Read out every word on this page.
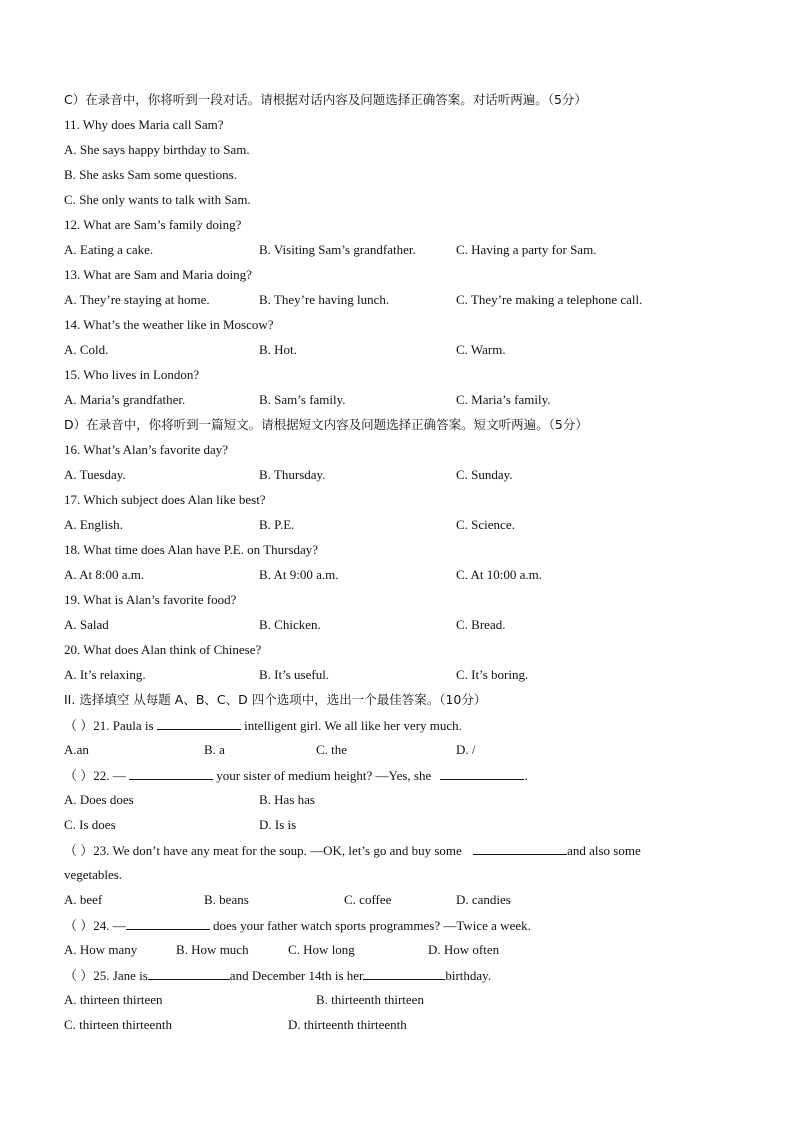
C）在录音中，你将听到一段对话。请根据对话内容及问题选择正确答案。对话听两遍。（5分）
11. Why does Maria call Sam?
A. She says happy birthday to Sam.
B. She asks Sam some questions.
C. She only wants to talk with Sam.
12. What are Sam’s family doing?
A. Eating a cake.	B. Visiting Sam’s grandfather.	C. Having a party for Sam.
13. What are Sam and Maria doing?
A. They’re staying at home.	B. They’re having lunch.	C. They’re making a telephone call.
14. What’s the weather like in Moscow?
A. Cold.	B. Hot.	C. Warm.
15. Who lives in London?
A. Maria’s grandfather.	B. Sam’s family.	C. Maria’s family.
D）在录音中，你将听到一篇短文。请根据短文内容及问题选择正确答案。短文听两遍。（5分）
16. What’s Alan’s favorite day?
A. Tuesday.	B. Thursday.	C. Sunday.
17. Which subject does Alan like best?
A. English.	B. P.E.	C. Science.
18. What time does Alan have P.E. on Thursday?
A. At 8:00 a.m.	B. At 9:00 a.m.	C. At 10:00 a.m.
19. What is Alan’s favorite food?
A. Salad	B. Chicken.	C. Bread.
20. What does Alan think of Chinese?
A. It’s relaxing.	B. It’s useful.	C. It’s boring.
II. 选择填空 从每题 A、B、C、D 四个选项中，选出一个最佳答案。（10分）
（ ）21. Paula is	intelligent girl. We all like her very much.
A.an	B. a	C. the	D. /
（ ）22. —	your sister of medium height? —Yes, she	.
A. Does does	B. Has has
C. Is does	D. Is is
（ ）23. We don’t have any meat for the soup. —OK, let’s go and buy some	and also some
vegetables.
A. beef	B. beans	C. coffee	D. candies
（ ）24. —	does your father watch sports programmes? —Twice a week.
A. How many	B. How much	C. How long	D. How often
（ ）25. Jane is	and December 14th is her	birthday.
A. thirteen thirteen	B. thirteenth thirteen
C. thirteen thirteenth	D. thirteenth thirteenth
